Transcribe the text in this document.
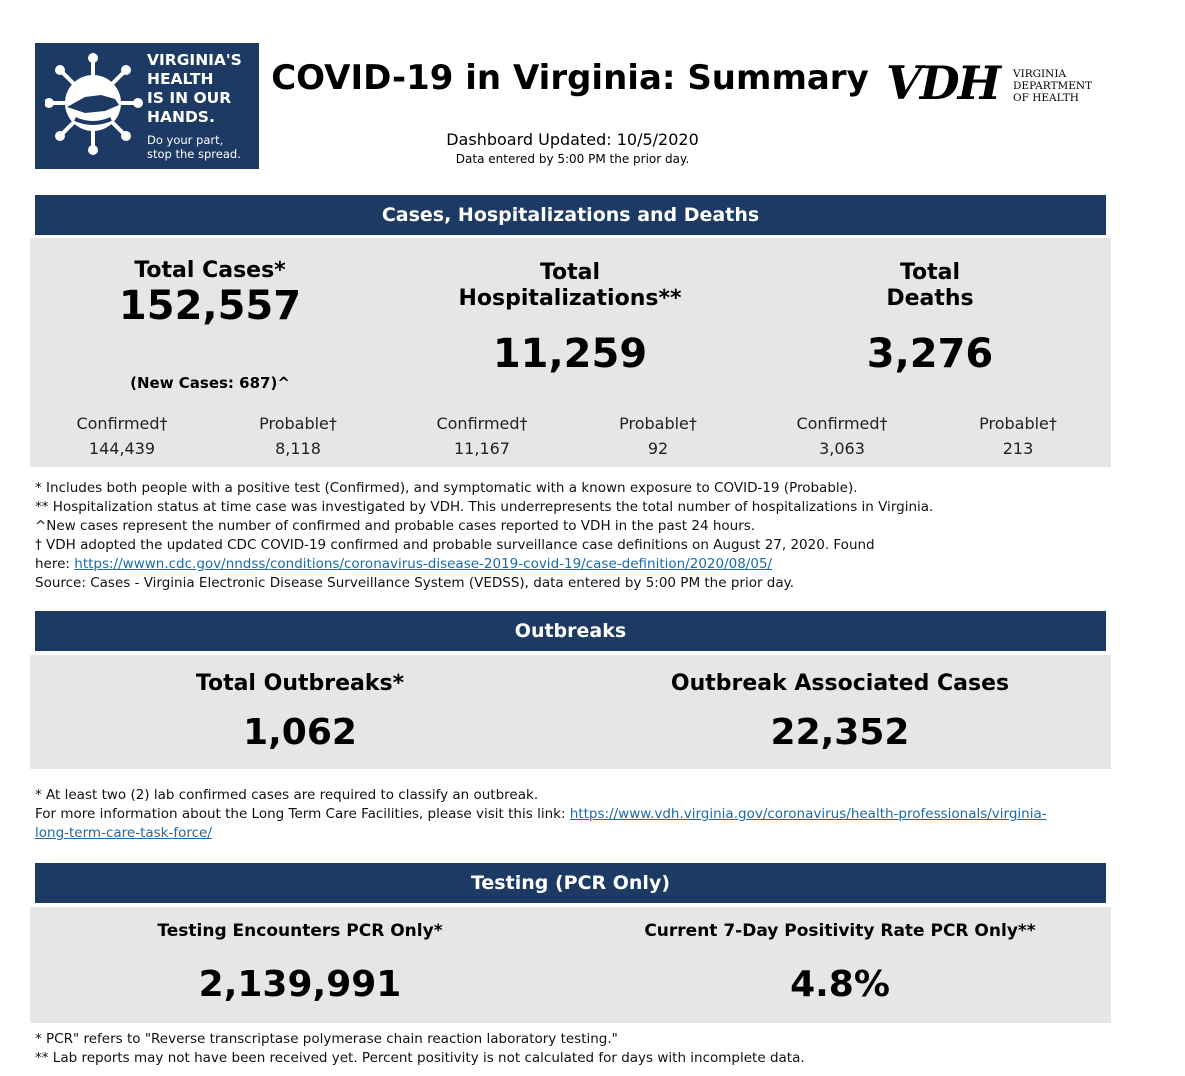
VIRGINIA'S
HEALTH
IS IN OUR
HANDS.
Do your part,
stop the spread.
COVID-19 in Virginia: Summary VDH VIRGINIA
DEPARTMENT
OF HEALTH
Dashboard Updated: 10/5/2020
Data entered by 5:00 PM the prior day.
Cases, Hospitalizations and Deaths
Total Cases*
152,557
(New Cases: 687)^
Confirmed†
144,439
Probable†
8,118
Total
Hospitalizations**
11,259
Confirmed†
11,167
Probable†
92
Total
Deaths
3,276
Confirmed†
3,063
Probable†
213
* Includes both people with a positive test (Confirmed), and symptomatic with a known exposure to COVID-19 (Probable).
** Hospitalization status at time case was investigated by VDH. This underrepresents the total number of hospitalizations in Virginia.
^New cases represent the number of confirmed and probable cases reported to VDH in the past 24 hours.
† VDH adopted the updated CDC COVID-19 confirmed and probable surveillance case definitions on August 27, 2020. Found
here: https://wwwn.cdc.gov/nndss/conditions/coronavirus-disease-2019-covid-19/case-definition/2020/08/05/
Source: Cases - Virginia Electronic Disease Surveillance System (VEDSS), data entered by 5:00 PM the prior day.
Outbreaks
Total Outbreaks*
1,062
Outbreak Associated Cases
22,352
* At least two (2) lab confirmed cases are required to classify an outbreak.
For more information about the Long Term Care Facilities, please visit this link: https://www.vdh.virginia.gov/coronavirus/health-professionals/virginia-
long-term-care-task-force/
Testing (PCR Only)
Testing Encounters PCR Only*
2,139,991
Current 7-Day Positivity Rate PCR Only**
4.8%
* PCR" refers to "Reverse transcriptase polymerase chain reaction laboratory testing."
** Lab reports may not have been received yet. Percent positivity is not calculated for days with incomplete data.
